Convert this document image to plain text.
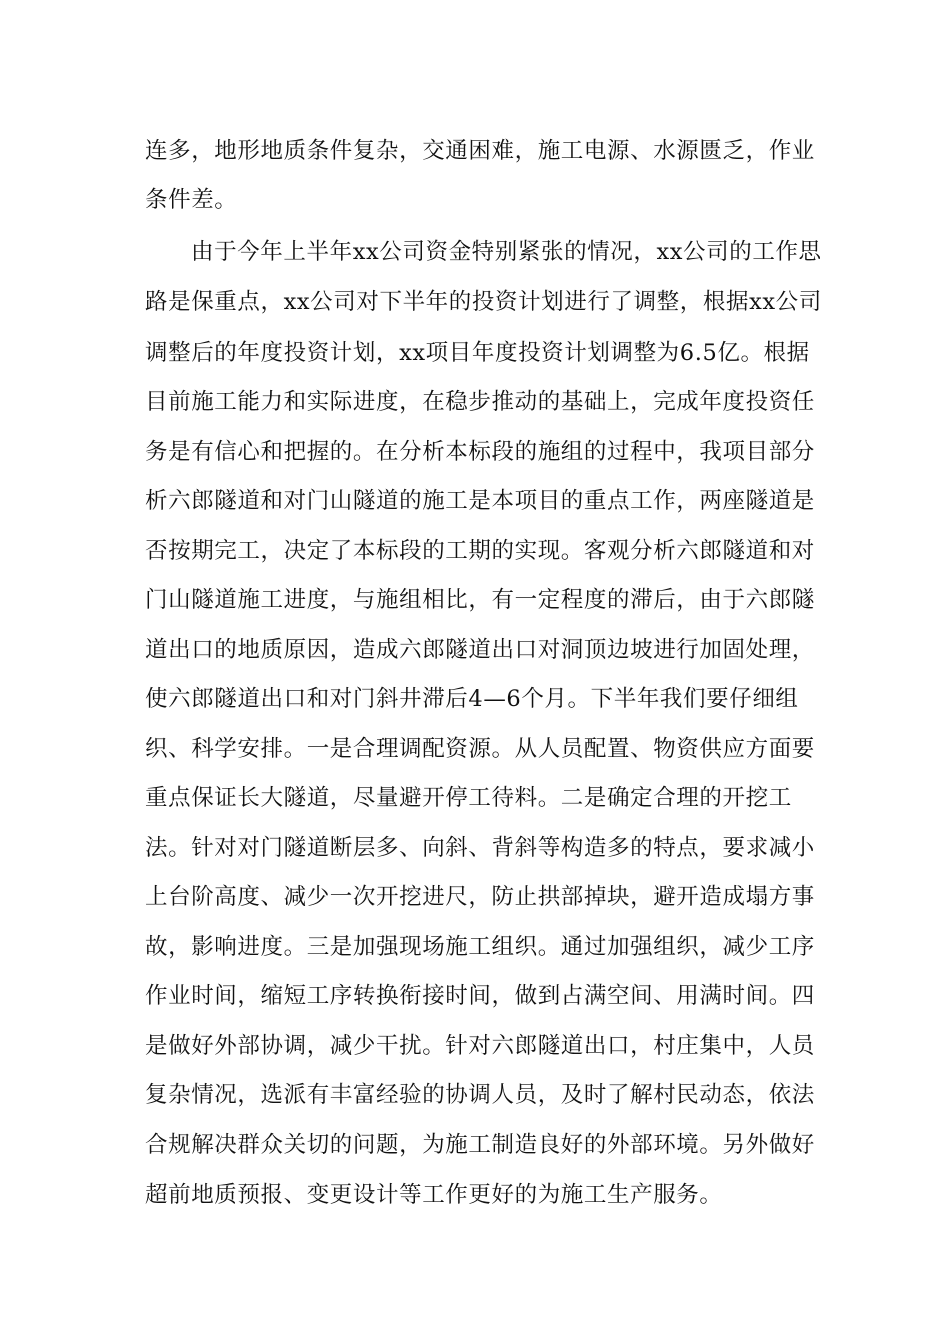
连多，地形地质条件复杂，交通困难，施工电源、水源匮乏，作业
条件差。
由于今年上半年xx公司资金特别紧张的情况，xx公司的工作思
路是保重点，xx公司对下半年的投资计划进行了调整，根据xx公司
调整后的年度投资计划，xx项目年度投资计划调整为6.5亿。根据
目前施工能力和实际进度，在稳步推动的基础上，完成年度投资任
务是有信心和把握的。在分析本标段的施组的过程中，我项目部分
析六郎隧道和对门山隧道的施工是本项目的重点工作，两座隧道是
否按期完工，决定了本标段的工期的实现。客观分析六郎隧道和对
门山隧道施工进度，与施组相比，有一定程度的滞后，由于六郎隧
道出口的地质原因，造成六郎隧道出口对洞顶边坡进行加固处理，
使六郎隧道出口和对门斜井滞后4—6个月。下半年我们要仔细组
织、科学安排。一是合理调配资源。从人员配置、物资供应方面要
重点保证长大隧道，尽量避开停工待料。二是确定合理的开挖工
法。针对对门隧道断层多、向斜、背斜等构造多的特点，要求减小
上台阶高度、减少一次开挖进尺，防止拱部掉块，避开造成塌方事
故，影响进度。三是加强现场施工组织。通过加强组织，减少工序
作业时间，缩短工序转换衔接时间，做到占满空间、用满时间。四
是做好外部协调，减少干扰。针对六郎隧道出口，村庄集中，人员
复杂情况，选派有丰富经验的协调人员，及时了解村民动态，依法
合规解决群众关切的问题，为施工制造良好的外部环境。另外做好
超前地质预报、变更设计等工作更好的为施工生产服务。
